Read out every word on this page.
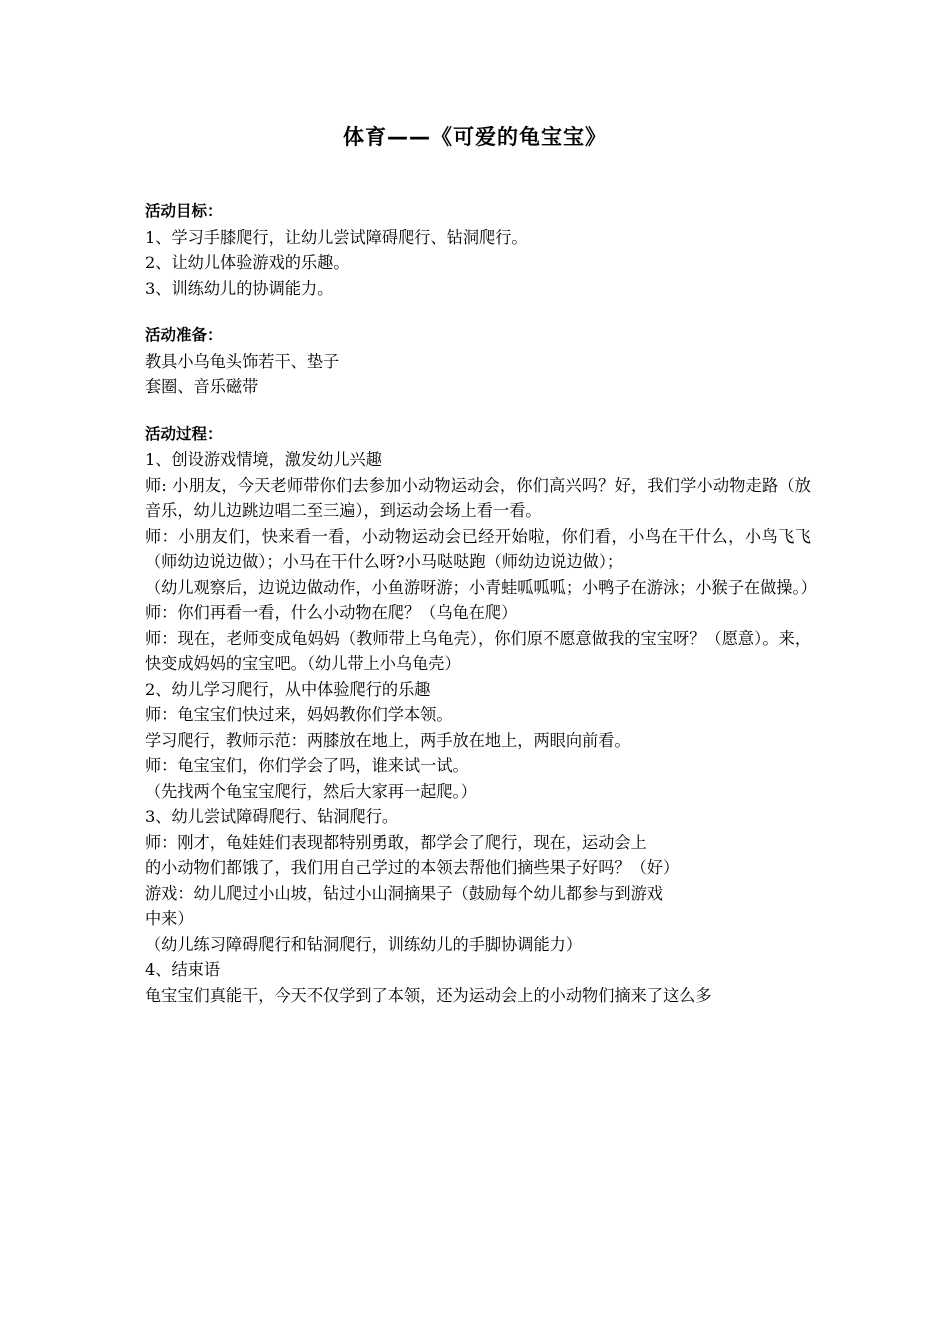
体育——《可爱的龟宝宝》

活动目标：

1、学习手膝爬行，让幼儿尝试障碍爬行、钻洞爬行。

2、让幼儿体验游戏的乐趣。

3、训练幼儿的协调能力。

活动准备：

教具小乌龟头饰若干、垫子

套圈、音乐磁带

活动过程：

1、创设游戏情境，激发幼儿兴趣

师: 小朋友，今天老师带你们去参加小动物运动会，你们高兴吗？好，我们学小动物走路（放音乐，幼儿边跳边唱二至三遍），到运动会场上看一看。

师：小朋友们，快来看一看，小动物运动会已经开始啦，你们看，小鸟在干什么，小鸟飞飞（师幼边说边做）；小马在干什么呀?小马哒哒跑（师幼边说边做）；

（幼儿观察后，边说边做动作，小鱼游呀游；小青蛙呱呱呱；小鸭子在游泳；小猴子在做操。）

师：你们再看一看，什么小动物在爬？（乌龟在爬）

师：现在，老师变成龟妈妈（教师带上乌龟壳），你们原不愿意做我的宝宝呀？（愿意）。来，快变成妈妈的宝宝吧。（幼儿带上小乌龟壳）

2、幼儿学习爬行，从中体验爬行的乐趣

师：龟宝宝们快过来，妈妈教你们学本领。

学习爬行，教师示范：两膝放在地上，两手放在地上，两眼向前看。

师：龟宝宝们，你们学会了吗，谁来试一试。

（先找两个龟宝宝爬行，然后大家再一起爬。）

3、幼儿尝试障碍爬行、钻洞爬行。

师：刚才，龟娃娃们表现都特别勇敢，都学会了爬行，现在，运动会上

的小动物们都饿了，我们用自己学过的本领去帮他们摘些果子好吗？（好）

游戏：幼儿爬过小山坡，钻过小山洞摘果子（鼓励每个幼儿都参与到游戏

中来）

（幼儿练习障碍爬行和钻洞爬行，训练幼儿的手脚协调能力）

4、结束语

龟宝宝们真能干，今天不仅学到了本领，还为运动会上的小动物们摘来了这么多
